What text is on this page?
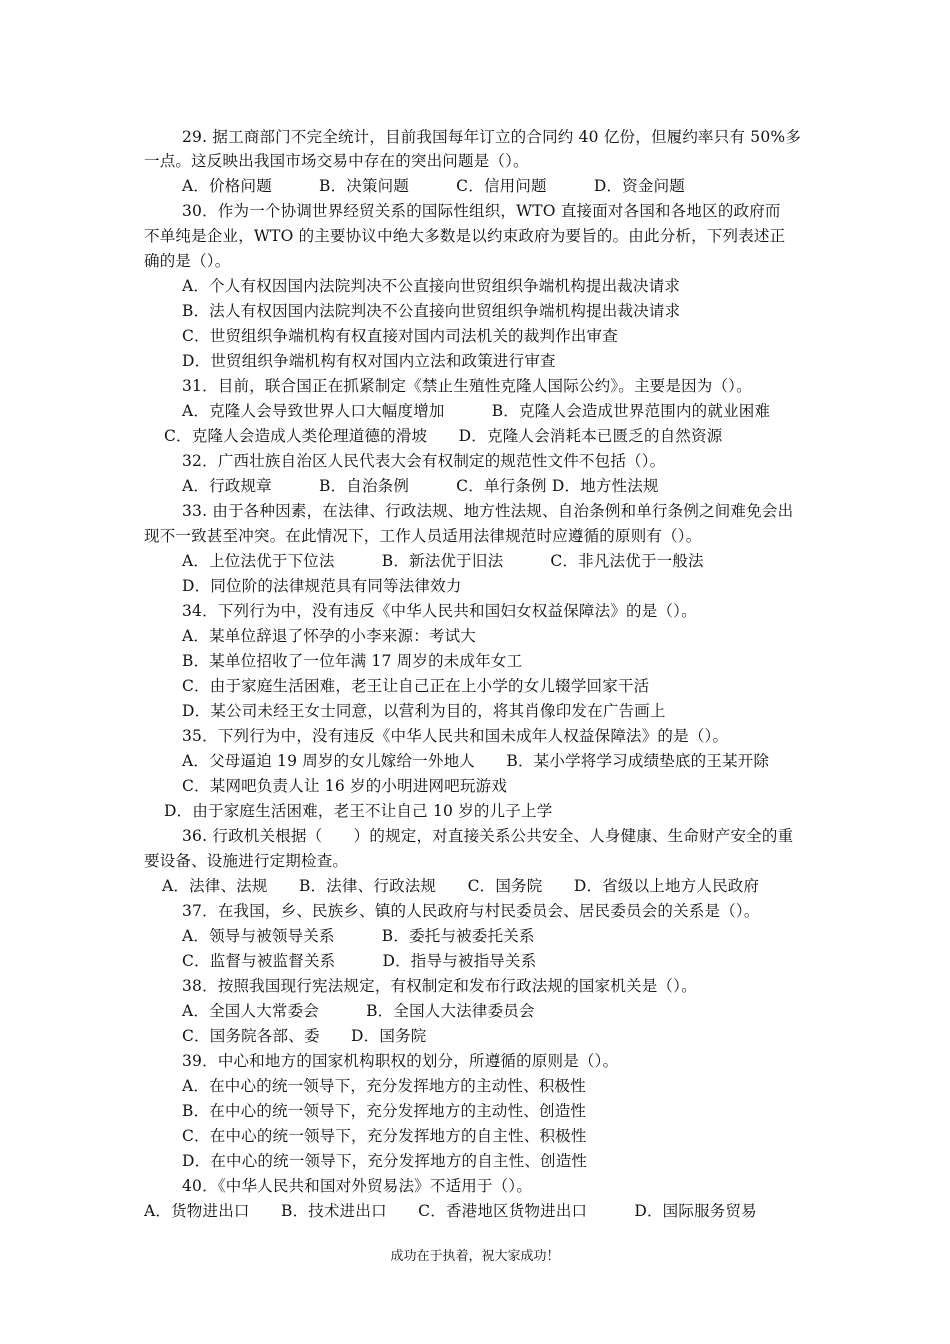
29. 据工商部门不完全统计，目前我国每年订立的合同约 40 亿份，但履约率只有 50%多
一点。这反映出我国市场交易中存在的突出问题是（）。
A．价格问题　　　B．决策问题　　　C．信用问题　　　D．资金问题
30．作为一个协调世界经贸关系的国际性组织，WTO 直接面对各国和各地区的政府而
不单纯是企业，WTO 的主要协议中绝大多数是以约束政府为要旨的。由此分析，下列表述正
确的是（）。
A．个人有权因国内法院判决不公直接向世贸组织争端机构提出裁决请求
B．法人有权因国内法院判决不公直接向世贸组织争端机构提出裁决请求
C．世贸组织争端机构有权直接对国内司法机关的裁判作出审查
D．世贸组织争端机构有权对国内立法和政策进行审查
31．目前，联合国正在抓紧制定《禁止生殖性克隆人国际公约》。主要是因为（）。
A．克隆人会导致世界人口大幅度增加　　　B．克隆人会造成世界范围内的就业困难
C．克隆人会造成人类伦理道德的滑坡　　D．克隆人会消耗本已匮乏的自然资源
32．广西壮族自治区人民代表大会有权制定的规范性文件不包括（）。
A．行政规章　　　B．自治条例　　　C．单行条例 D．地方性法规
33. 由于各种因素，在法律、行政法规、地方性法规、自治条例和单行条例之间难免会出
现不一致甚至冲突。在此情况下，工作人员适用法律规范时应遵循的原则有（）。
A．上位法优于下位法　　　B．新法优于旧法　　　C．非凡法优于一般法
D．同位阶的法律规范具有同等法律效力
34．下列行为中，没有违反《中华人民共和国妇女权益保障法》的是（）。
A．某单位辞退了怀孕的小李来源：考试大
B．某单位招收了一位年满 17 周岁的未成年女工
C．由于家庭生活困难，老王让自己正在上小学的女儿辍学回家干活
D．某公司未经王女士同意，以营利为目的，将其肖像印发在广告画上
35．下列行为中，没有违反《中华人民共和国未成年人权益保障法》的是（）。
A．父母逼迫 19 周岁的女儿嫁给一外地人　　B．某小学将学习成绩垫底的王某开除
C．某网吧负责人让 16 岁的小明进网吧玩游戏
D．由于家庭生活困难，老王不让自己 10 岁的儿子上学
36. 行政机关根据（　　）的规定，对直接关系公共安全、人身健康、生命财产安全的重
要设备、设施进行定期检查。
A．法律、法规　　B．法律、行政法规　　C．国务院　　D．省级以上地方人民政府
37．在我国，乡、民族乡、镇的人民政府与村民委员会、居民委员会的关系是（）。
A．领导与被领导关系　　　B．委托与被委托关系
C．监督与被监督关系　　　D．指导与被指导关系
38．按照我国现行宪法规定，有权制定和发布行政法规的国家机关是（）。
A．全国人大常委会　　　B．全国人大法律委员会
C．国务院各部、委　　D．国务院
39．中心和地方的国家机构职权的划分，所遵循的原则是（）。
A．在中心的统一领导下，充分发挥地方的主动性、积极性
B．在中心的统一领导下，充分发挥地方的主动性、创造性
C．在中心的统一领导下，充分发挥地方的自主性、积极性
D．在中心的统一领导下，充分发挥地方的自主性、创造性
40．《中华人民共和国对外贸易法》不适用于（）。
A．货物进出口　　B．技术进出口　　C．香港地区货物进出口　　　D．国际服务贸易
成功在于执着，祝大家成功！
